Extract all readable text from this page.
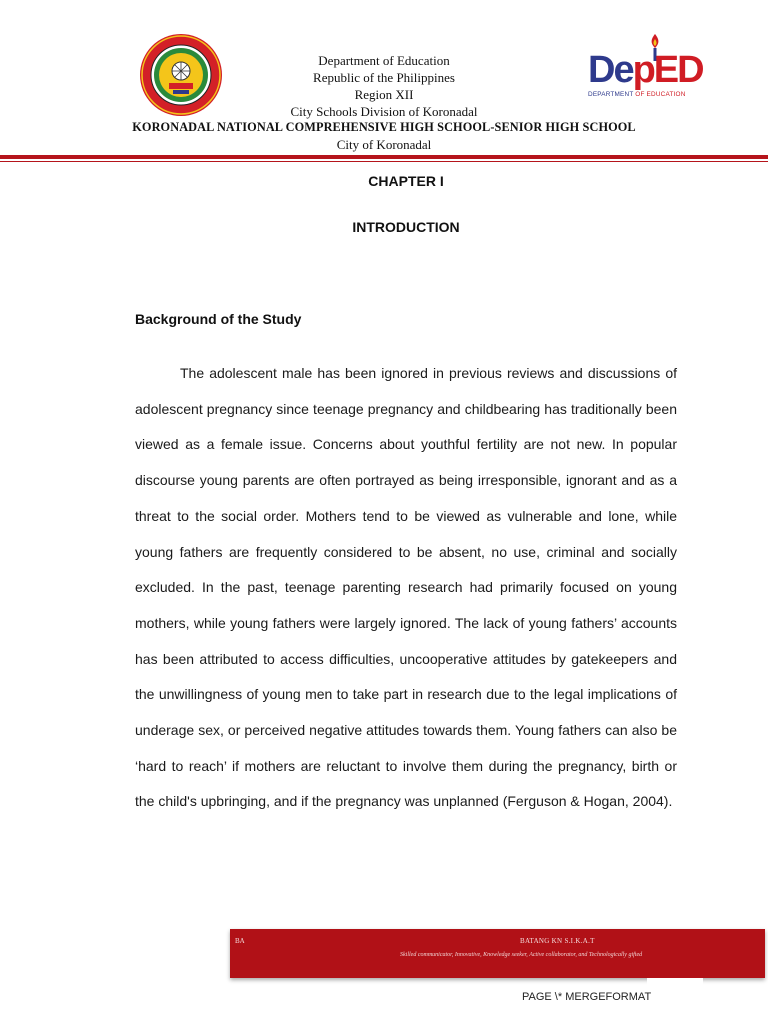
Department of Education
Republic of the Philippines
Region XII
City Schools Division of Koronadal
KORONADAL NATIONAL COMPREHENSIVE HIGH SCHOOL-SENIOR HIGH SCHOOL
City of Koronadal
DepED
DEPARTMENT OF EDUCATION
CHAPTER I
INTRODUCTION
Background of the Study

The adolescent male has been ignored in previous reviews and discussions of adolescent pregnancy since teenage pregnancy and childbearing has traditionally been viewed as a female issue. Concerns about youthful fertility are not new. In popular discourse young parents are often portrayed as being irresponsible, ignorant and as a threat to the social order. Mothers tend to be viewed as vulnerable and lone, while young fathers are frequently considered to be absent, no use, criminal and socially excluded. In the past, teenage parenting research had primarily focused on young mothers, while young fathers were largely ignored. The lack of young fathers’ accounts has been attributed to access difficulties, uncooperative attitudes by gatekeepers and the unwillingness of young men to take part in research due to the legal implications of underage sex, or perceived negative attitudes towards them. Young fathers can also be ‘hard to reach’ if mothers are reluctant to involve them during the pregnancy, birth or the child's upbringing, and if the pregnancy was unplanned (Ferguson & Hogan, 2004).

BA	BATANG KN S.I.K.A.T
Skilled communicator, Innovative, Knowledge seeker, Active collaborator, and Technologically gifted
PAGE \* MERGEFORMAT
